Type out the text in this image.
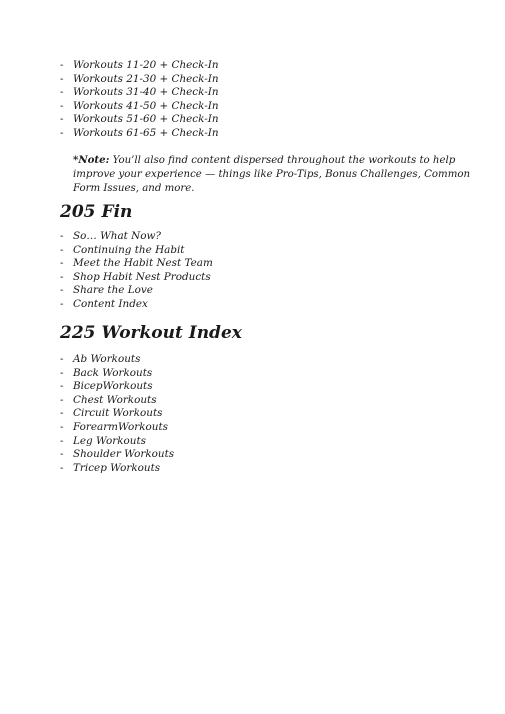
- Workouts 11-20 + Check-In
- Workouts 21-30 + Check-In
- Workouts 31-40 + Check-In
- Workouts 41-50 + Check-In
- Workouts 51-60 + Check-In
- Workouts 61-65 + Check-In

*Note: You’ll also find content dispersed throughout the workouts to help improve your experience — things like Pro-Tips, Bonus Challenges, Common Form Issues, and more.

205 Fin
- So… What Now?
- Continuing the Habit
- Meet the Habit Nest Team
- Shop Habit Nest Products
- Share the Love
- Content Index
225 Workout Index
- Ab Workouts
- Back Workouts
- BicepWorkouts
- Chest Workouts
- Circuit Workouts
- ForearmWorkouts
- Leg Workouts
- Shoulder Workouts
- Tricep Workouts
